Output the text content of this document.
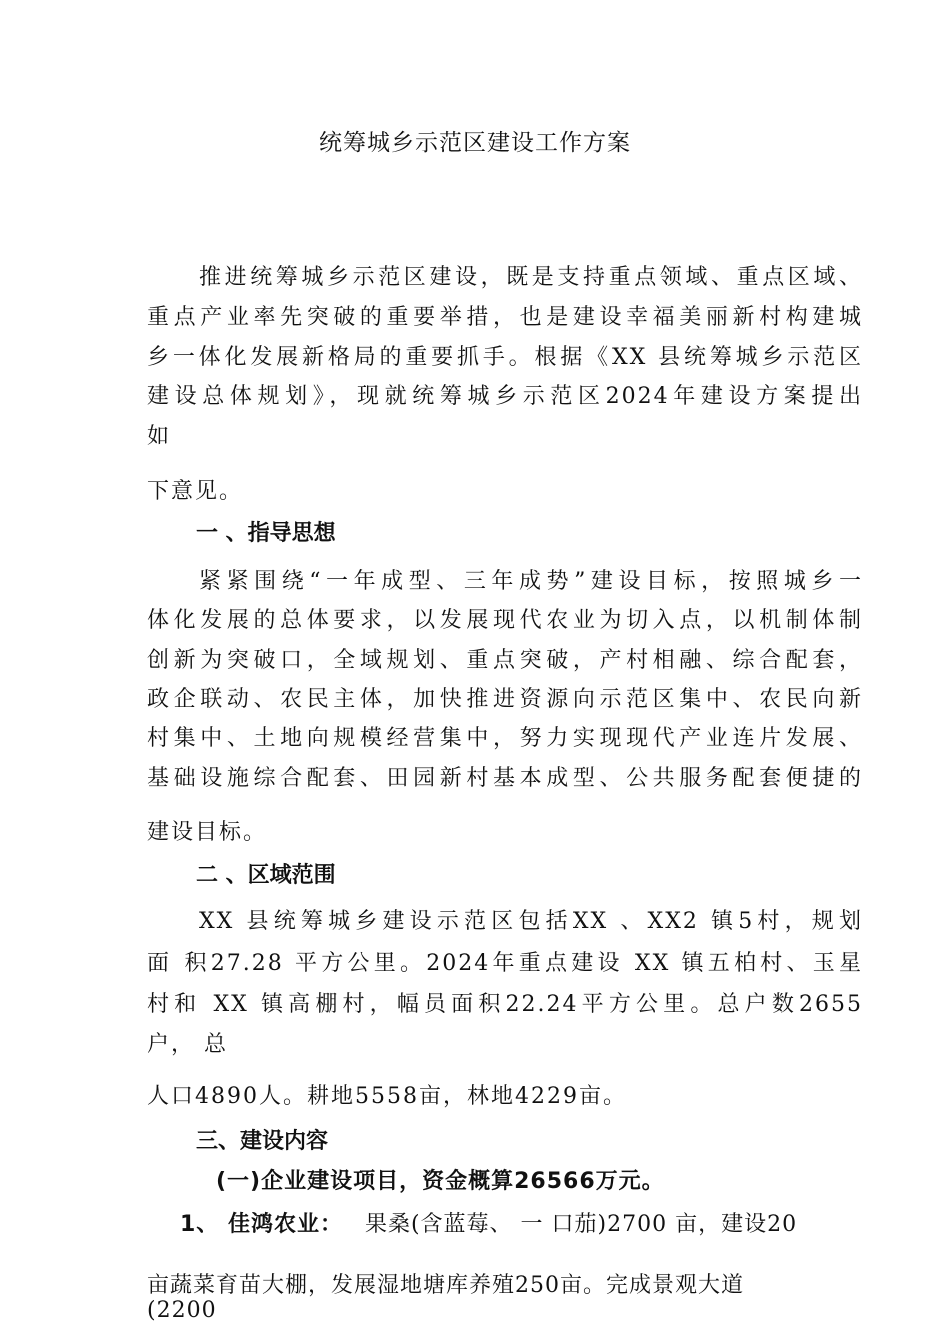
统筹城乡示范区建设工作方案
推进统筹城乡示范区建设，既是支持重点领域、重点区域、
重点产业率先突破的重要举措，也是建设幸福美丽新村构建城
乡一体化发展新格局的重要抓手。根据《XX 县统筹城乡示范区
建设总体规划》，现就统筹城乡示范区2024年建设方案提出
如
下意见。
一 、指导思想
紧紧围绕“一年成型、三年成势”建设目标，按照城乡一
体化发展的总体要求，以发展现代农业为切入点，以机制体制
创新为突破口，全域规划、重点突破，产村相融、综合配套，
政企联动、农民主体，加快推进资源向示范区集中、农民向新
村集中、土地向规模经营集中，努力实现现代产业连片发展、
基础设施综合配套、田园新村基本成型、公共服务配套便捷的
建设目标。
二 、区域范围
XX 县统筹城乡建设示范区包括XX 、XX2 镇5村，规划
面 积27.28 平方公里。2024年重点建设 XX 镇五柏村、玉星
村和 XX 镇高棚村，幅员面积22.24平方公里。总户数2655
户， 总
人口4890人。耕地5558亩，林地4229亩。
三、建设内容
(一)企业建设项目，资金概算26566万元。
1、 佳鸿农业： 果桑(含蓝莓、 一 口茄)2700 亩，建设20
亩蔬菜育苗大棚，发展湿地塘库养殖250亩。完成景观大道
(2200
